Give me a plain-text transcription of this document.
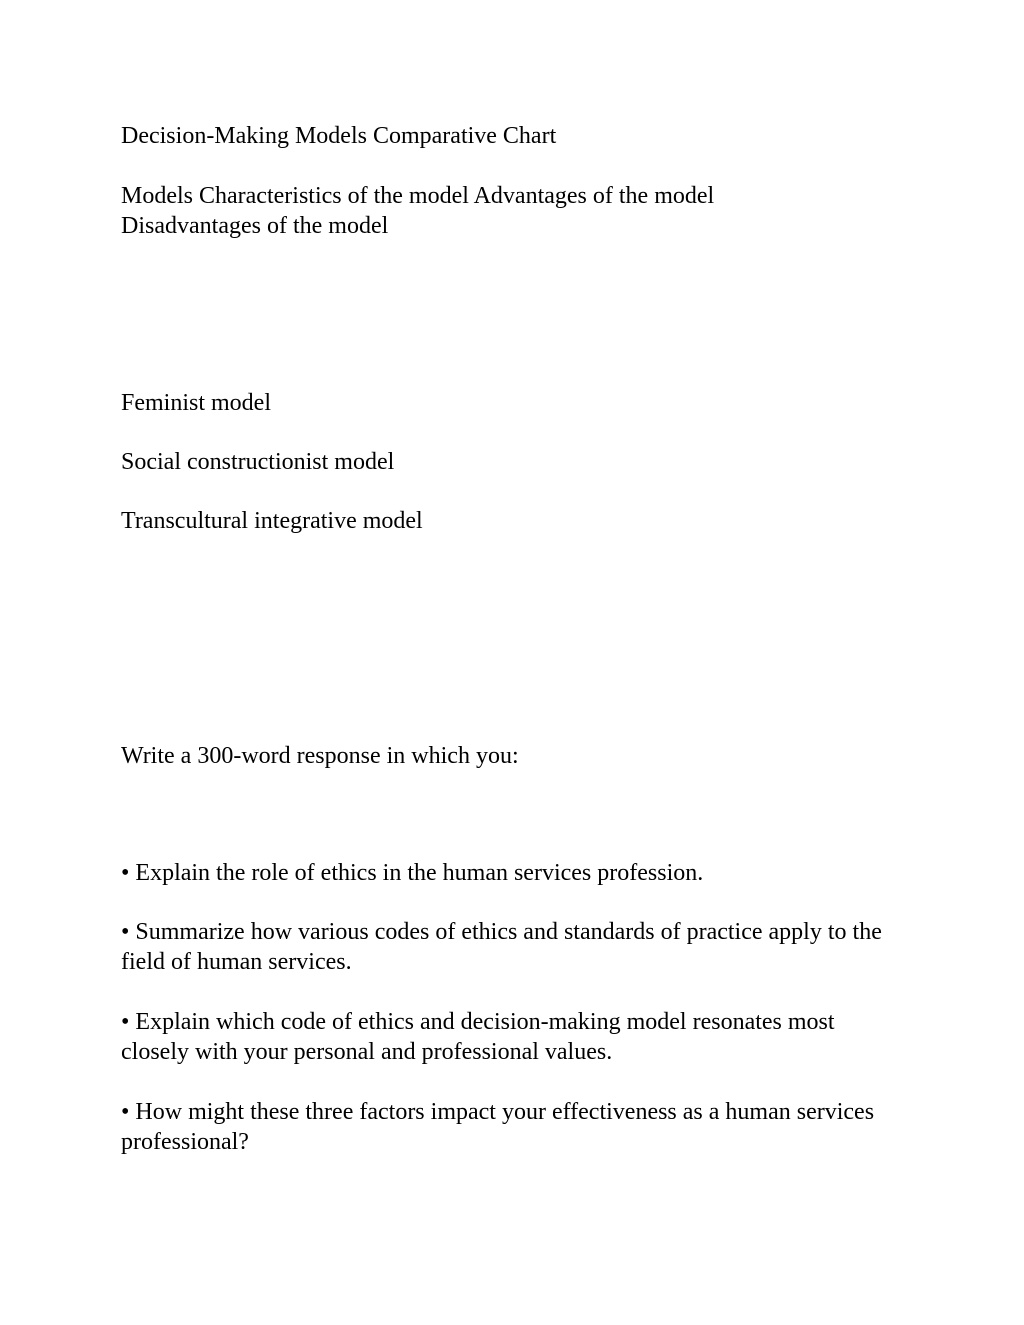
Decision-Making Models Comparative Chart

Models Characteristics of the model Advantages of the model Disadvantages of the model

Feminist model

Social constructionist model

Transcultural integrative model

Write a 300-word response in which you:

• Explain the role of ethics in the human services profession.

• Summarize how various codes of ethics and standards of practice apply to the field of human services.

• Explain which code of ethics and decision-making model resonates most closely with your personal and professional values.

• How might these three factors impact your effectiveness as a human services professional?
